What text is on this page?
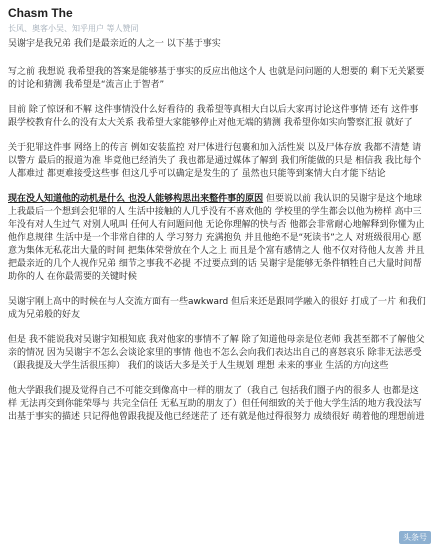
Chasm The
长风、奥客小吴、知乎用户 等人赞同

吴谢宇是我兄弟 我们是最亲近的人之一 以下基于事实

写之前 我想说 我希望我的答案是能够基于事实的反应出他这个人 也就是问问题的人想要的 剩下无关紧要的讨论和猜测 我希望是“流言止于智者”

目前 除了惊讶和不解 这件事情没什么好看待的 我希望等真相大白以后大家再讨论这件事情 还有 这件事跟学校教育什么的没有太大关系 我希望大家能够停止对他无端的猜测 我希望你如实向警察汇报 就好了

关于犯罪这件事 网络上的传言 例如安装监控 对尸体进行包裹和加入活性炭 以及尸体存放 我都不清楚 请以警方 最后的报道为准 毕竟他已经消失了 我也都是通过媒体了解到 我们所能做的只是 相信我 我比每个人都难过 都更难接受这些事 但这几乎可以确定是发生的了 虽然也只能等到案情大白才能下结论

现在没人知道他的动机是什么 也没人能够构思出来整件事的原因 但要说以前 我认识的吴谢宇是这个地球上我最后一个想到会犯罪的人 生活中接触的人几乎没有不喜欢他的 学校里的学生都会以他为榜样 高中三年没有对人生过气 对别人吼叫 任何人有问题问他 无论你理解的快与否 他都会非常耐心地解释到你懂为止 他作息规律 生活中是一个非常自律的人 学习努力 充满抱负 并且他绝不是“死读书”之人 对班级很用心 愿意为集体无私花出大量的时间 把集体荣誉放在个人之上 而且是个富有感情之人 他不仅对待他人友善 并且把最亲近的几个人视作兄弟 细节之事我不必提 不过要点到的话 吴谢宇是能够无条件牺牲自己大量时间帮助你的人 在你最需要的关键时候

吴谢宇刚上高中的时候在与人交流方面有一些awkward 但后来还是跟同学融入的很好 打成了一片 和我们成为兄弟般的好友

但是 我不能说我对吴谢宇知根知底 我对他家的事情不了解 除了知道他母亲是位老师 我甚至都不了解他父亲的情况 因为吴谢宇不怎么会谈论家里的事情 他也不怎么会向我们表达出自己的喜怒哀乐 除非无法恶受（跟我提及大学生活很压抑） 我们的谈话大多是关于人生规划 理想 未来的事业 生活的方向这些

他大学跟我们提及觉得自己不可能交到像高中一样的朋友了（我自己 包括我们圈子内的很多人 也都是这样 无法再交到你能荣辱与 共完全信任 无私互助的朋友了）但任何细致的关于他大学生活的地方我没法写出基于事实的描述 只记得他曾跟我提及他已经迷茫了 还有就是他过得很努力 成绩很好 萌着他的理想前进

头条号
